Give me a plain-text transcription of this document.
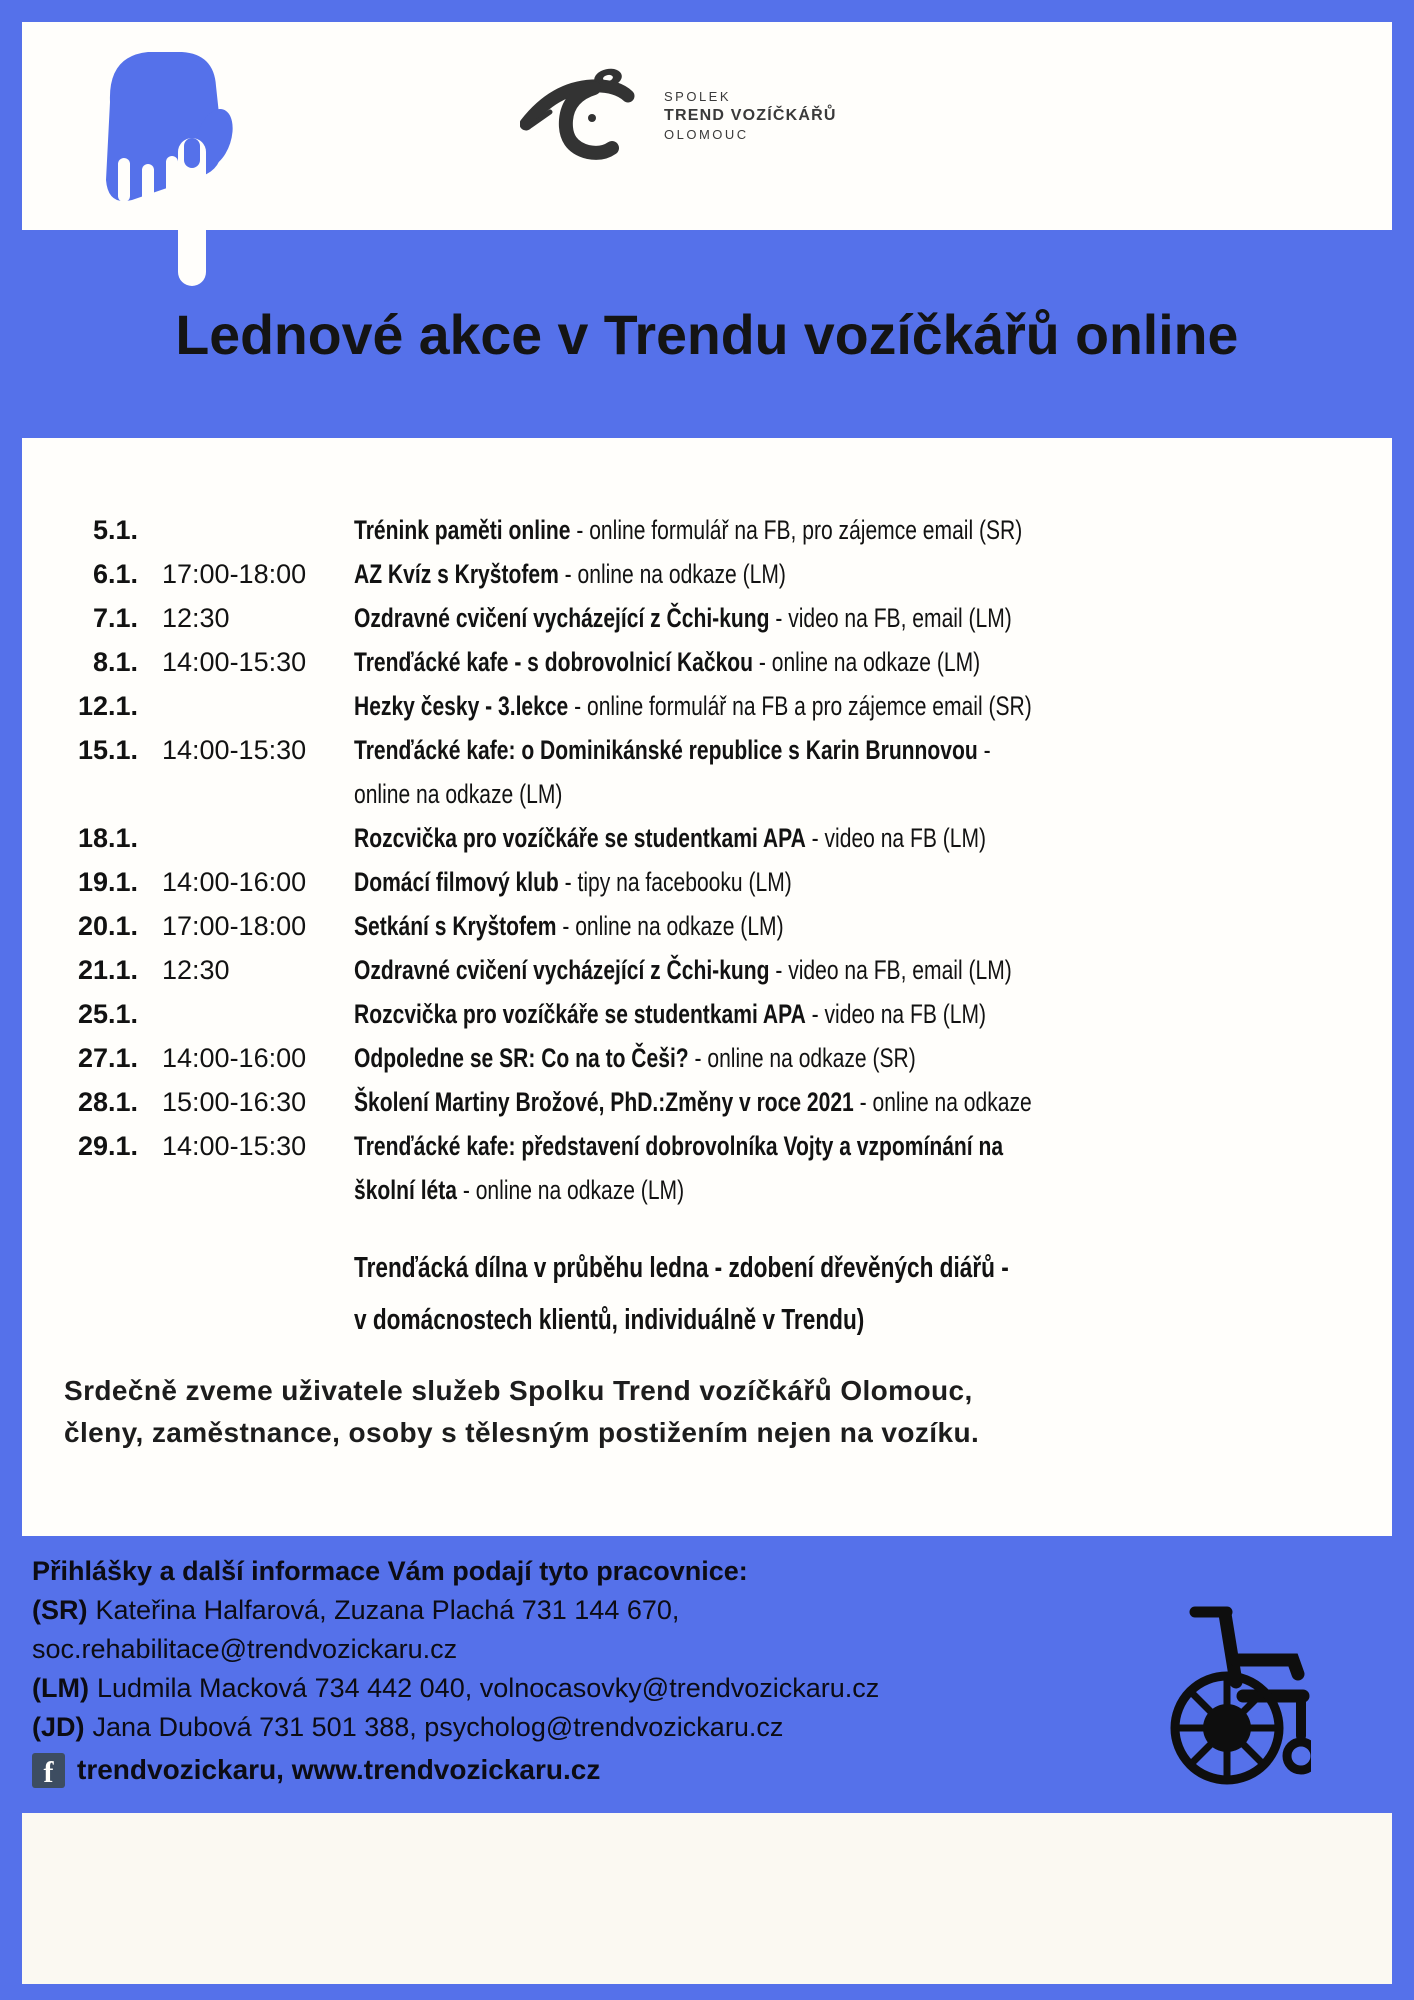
SPOLEK
TREND VOZÍČKÁŘŮ
OLOMOUC
Lednové akce v Trendu vozíčkářů online
5.1.	Trénink paměti online - online formulář na FB, pro zájemce email (SR)
6.1. 17:00-18:00	AZ Kvíz s Kryštofem - online na odkaze (LM)
7.1. 12:30	Ozdravné cvičení vycházející z Čchi-kung - video na FB, email (LM)
8.1. 14:00-15:30	Trenďácké kafe - s dobrovolnicí Kačkou - online na odkaze (LM)
12.1.	Hezky česky - 3.lekce - online formulář na FB a pro zájemce email (SR)
15.1. 14:00-15:30	Trenďácké kafe: o Dominikánské republice s Karin Brunnovou -
online na odkaze (LM)
18.1.	Rozcvička pro vozíčkáře se studentkami APA - video na FB (LM)
19.1. 14:00-16:00	Domácí filmový klub - tipy na facebooku (LM)
20.1. 17:00-18:00	Setkání s Kryštofem - online na odkaze (LM)
21.1. 12:30	Ozdravné cvičení vycházející z Čchi-kung - video na FB, email (LM)
25.1.	Rozcvička pro vozíčkáře se studentkami APA - video na FB (LM)
27.1. 14:00-16:00	Odpoledne se SR: Co na to Češi? - online na odkaze (SR)
28.1. 15:00-16:30	Školení Martiny Brožové, PhD.:Změny v roce 2021 - online na odkaze
29.1. 14:00-15:30	Trenďácké kafe: představení dobrovolníka Vojty a vzpomínání na
školní léta - online na odkaze (LM)
Trenďácká dílna v průběhu ledna - zdobení dřevěných diářů -
v domácnostech klientů, individuálně v Trendu)
Srdečně zveme uživatele služeb Spolku Trend vozíčkářů Olomouc,
členy, zaměstnance, osoby s tělesným postižením nejen na vozíku.
Přihlášky a další informace Vám podají tyto pracovnice:
(SR) Kateřina Halfarová, Zuzana Plachá 731 144 670,
soc.rehabilitace@trendvozickaru.cz
(LM) Ludmila Macková 734 442 040, volnocasovky@trendvozickaru.cz
(JD) Jana Dubová 731 501 388, psycholog@trendvozickaru.cz
f trendvozickaru, www.trendvozickaru.cz
